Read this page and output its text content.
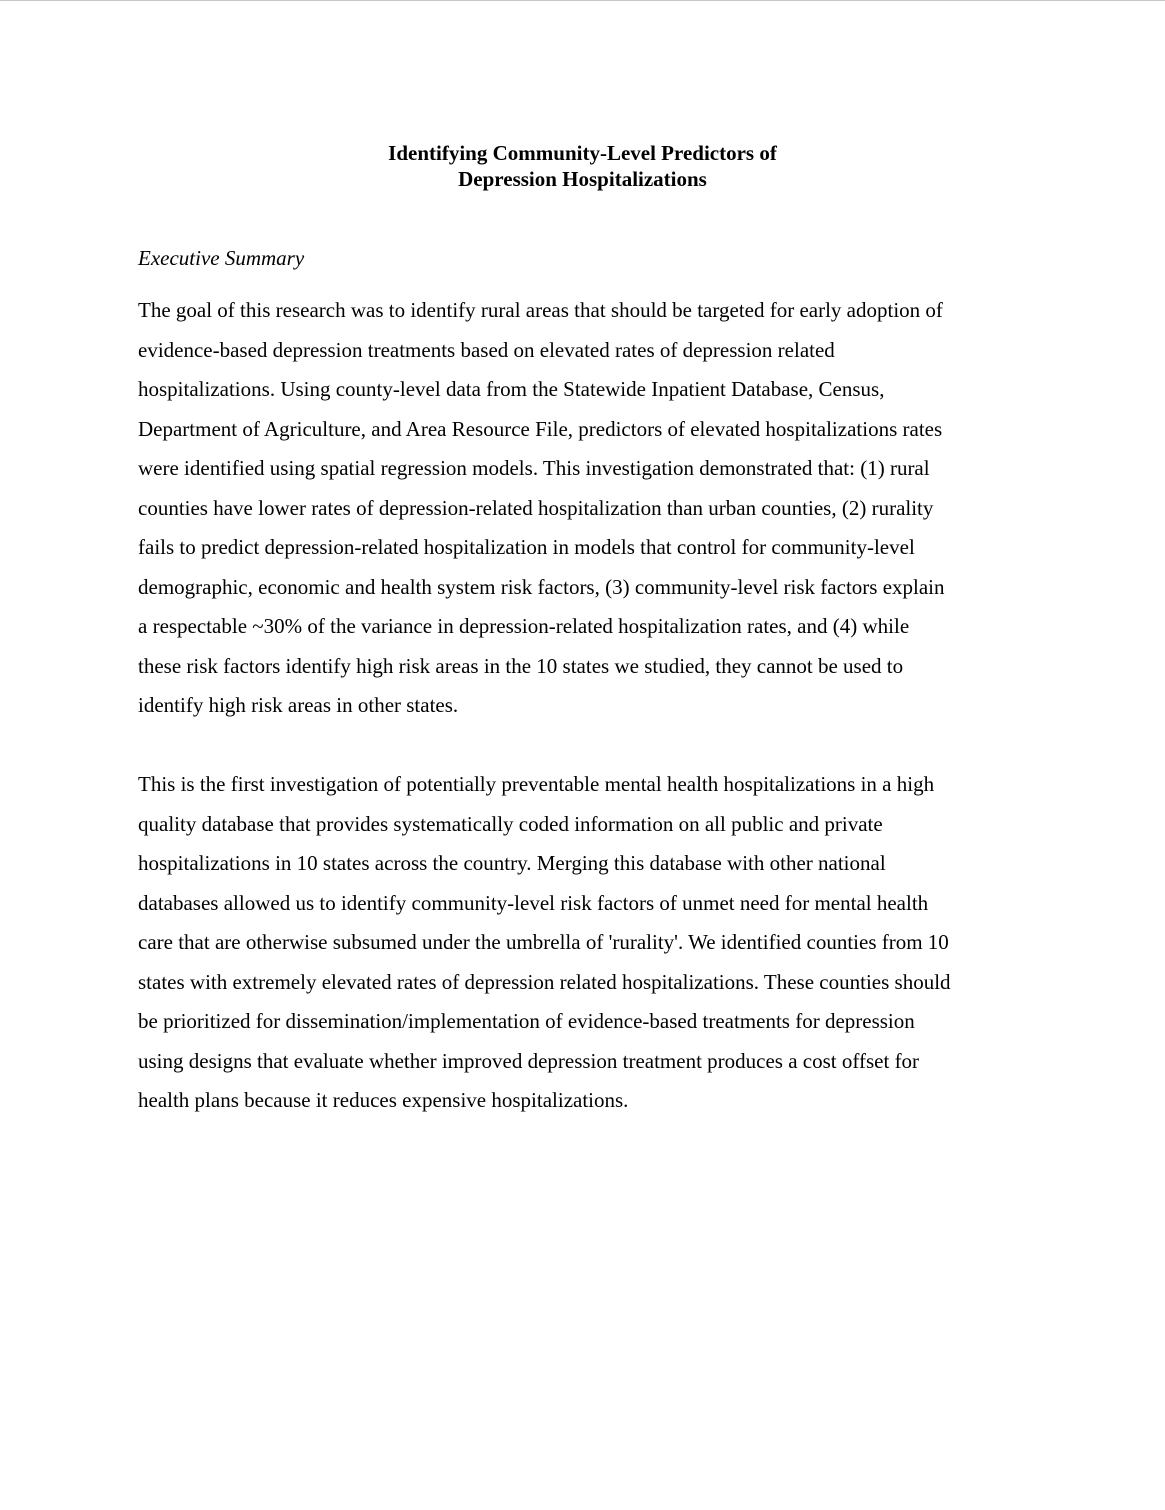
Identifying Community-Level Predictors of
Depression Hospitalizations

Executive Summary

The goal of this research was to identify rural areas that should be targeted for early adoption of
evidence-based depression treatments based on elevated rates of depression related
hospitalizations. Using county-level data from the Statewide Inpatient Database, Census,
Department of Agriculture, and Area Resource File, predictors of elevated hospitalizations rates
were identified using spatial regression models. This investigation demonstrated that: (1) rural
counties have lower rates of depression-related hospitalization than urban counties, (2) rurality
fails to predict depression-related hospitalization in models that control for community-level
demographic, economic and health system risk factors, (3) community-level risk factors explain
a respectable ~30% of the variance in depression-related hospitalization rates, and (4) while
these risk factors identify high risk areas in the 10 states we studied, they cannot be used to
identify high risk areas in other states.

This is the first investigation of potentially preventable mental health hospitalizations in a high
quality database that provides systematically coded information on all public and private
hospitalizations in 10 states across the country. Merging this database with other national
databases allowed us to identify community-level risk factors of unmet need for mental health
care that are otherwise subsumed under the umbrella of 'rurality'. We identified counties from 10
states with extremely elevated rates of depression related hospitalizations. These counties should
be prioritized for dissemination/implementation of evidence-based treatments for depression
using designs that evaluate whether improved depression treatment produces a cost offset for
health plans because it reduces expensive hospitalizations.
